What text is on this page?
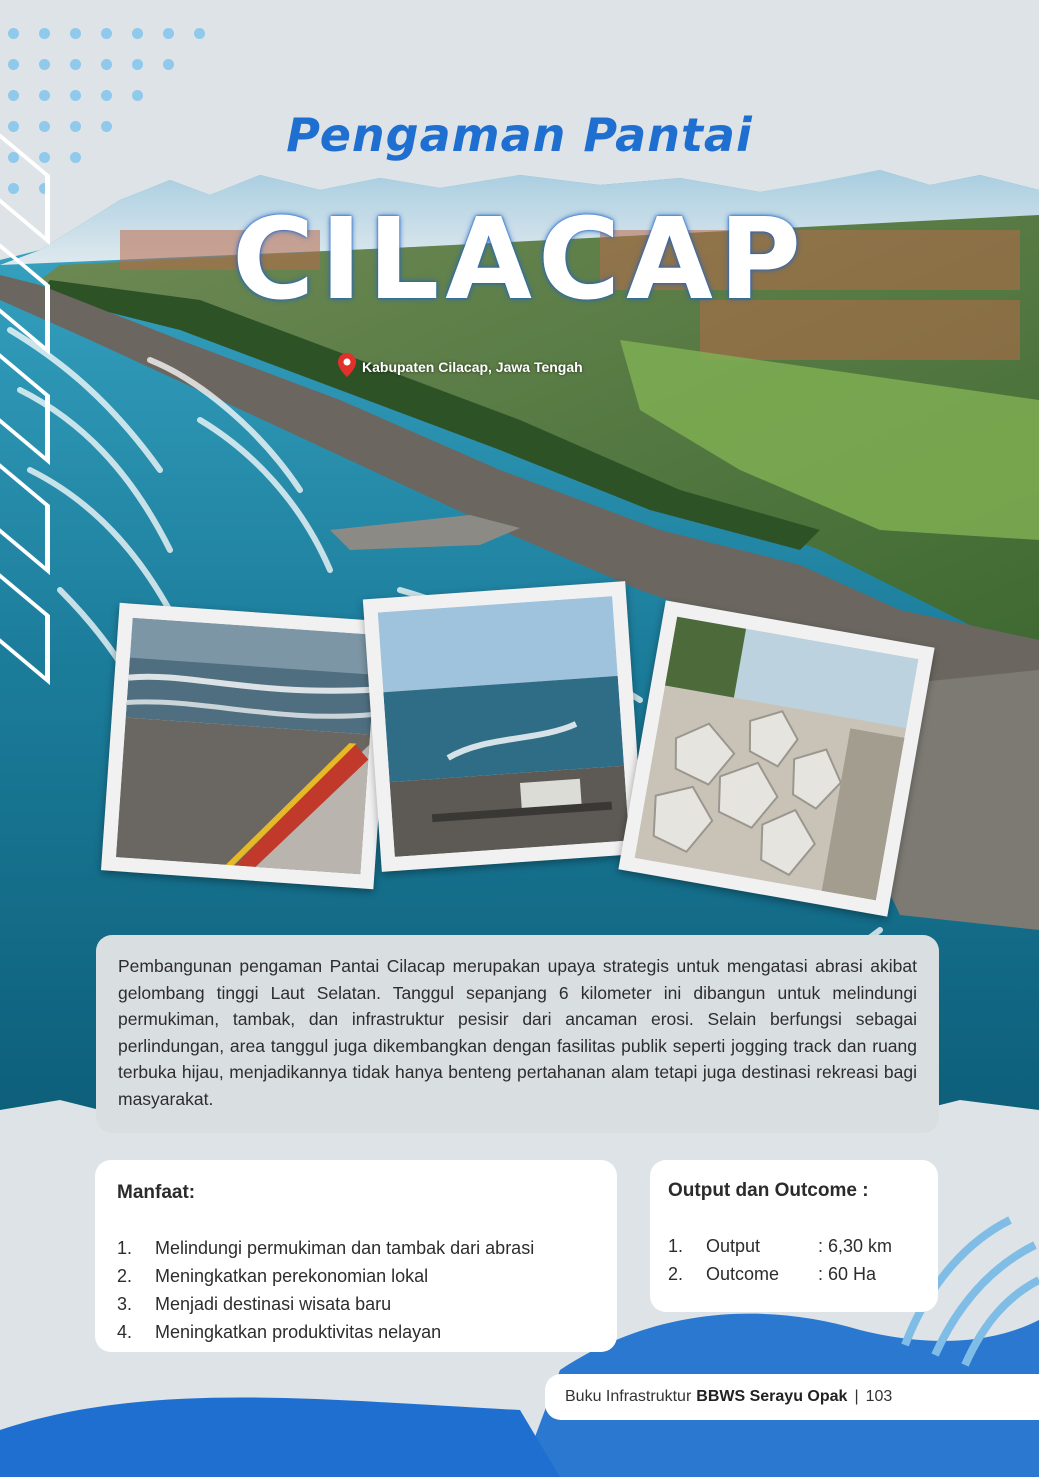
Pengaman Pantai
CILACAP
Kabupaten Cilacap, Jawa Tengah

Pembangunan pengaman Pantai Cilacap merupakan upaya strategis untuk mengatasi abrasi akibat gelombang tinggi Laut Selatan. Tanggul sepanjang 6 kilometer ini dibangun untuk melindungi permukiman, tambak, dan infrastruktur pesisir dari ancaman erosi. Selain berfungsi sebagai perlindungan, area tanggul juga dikembangkan dengan fasilitas publik seperti jogging track dan ruang terbuka hijau, menjadikannya tidak hanya benteng pertahanan alam tetapi juga destinasi rekreasi bagi masyarakat.

Manfaat:
1.	Melindungi permukiman dan tambak dari abrasi
2.	Meningkatkan perekonomian lokal
3.	Menjadi destinasi wisata baru
4.	Meningkatkan produktivitas nelayan
Output dan Outcome :
1.	Output	: 6,30 km
2.	Outcome	: 60 Ha
Buku Infrastruktur BBWS Serayu Opak | 103
